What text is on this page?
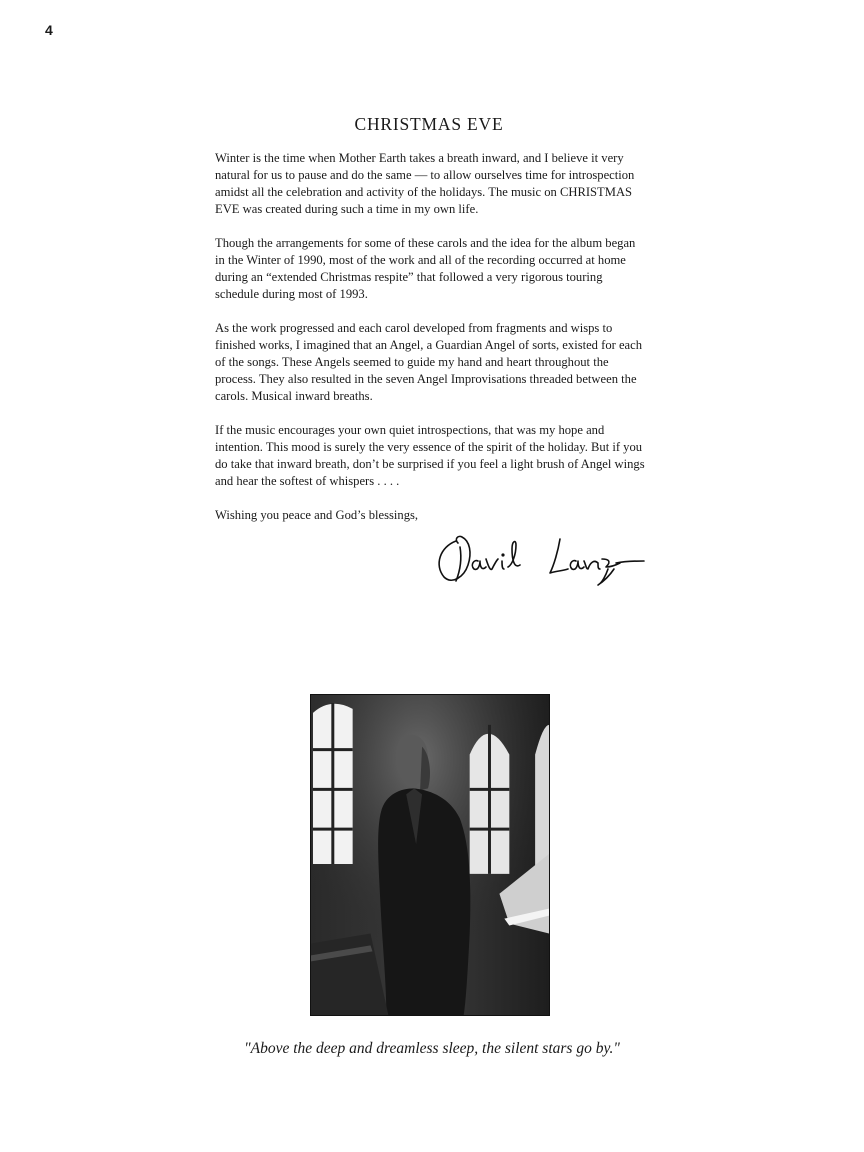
4
CHRISTMAS EVE

Winter is the time when Mother Earth takes a breath inward, and I believe it very natural for us to pause and do the same — to allow ourselves time for introspection amidst all the celebration and activity of the holidays. The music on CHRISTMAS EVE was created during such a time in my own life.

Though the arrangements for some of these carols and the idea for the album began in the Winter of 1990, most of the work and all of the recording occurred at home during an “extended Christmas respite” that followed a very rigorous touring schedule during most of 1993.

As the work progressed and each carol developed from fragments and wisps to finished works, I imagined that an Angel, a Guardian Angel of sorts, existed for each of the songs. These Angels seemed to guide my hand and heart throughout the process. They also resulted in the seven Angel Improvisations threaded between the carols. Musical inward breaths.

If the music encourages your own quiet introspections, that was my hope and intention. This mood is surely the very essence of the spirit of the holiday. But if you do take that inward breath, don’t be surprised if you feel a light brush of Angel wings and hear the softest of whispers . . . .

Wishing you peace and God’s blessings,

"Above the deep and dreamless sleep, the silent stars go by."
